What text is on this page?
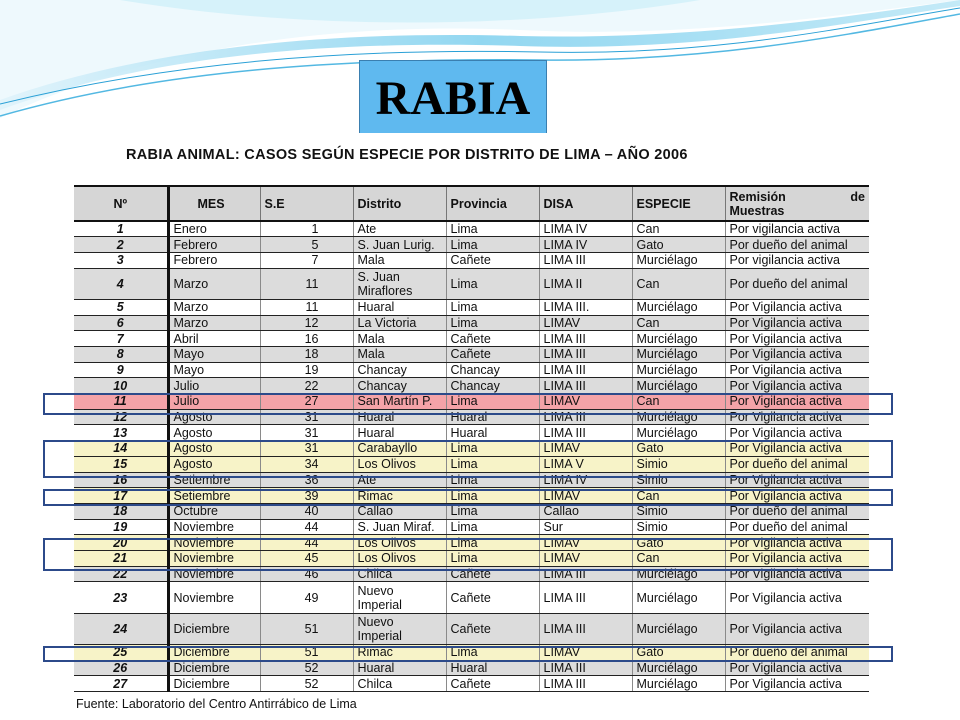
RABIA
RABIA ANIMAL: CASOS SEGÚN ESPECIE POR DISTRITO DE LIMA – AÑO 2006
Nº	MES	S.E	Distrito	Provincia	DISA	ESPECIE	Remisión de
Muestras

1	Enero	1	Ate	Lima	LIMA IV	Can	Por vigilancia activa
2	Febrero	5	S. Juan Lurig.	Lima	LIMA IV	Gato	Por dueño del animal
3	Febrero	7	Mala	Cañete	LIMA III	Murciélago	Por vigilancia activa
4	Marzo	11	S. Juan Miraflores	Lima	LIMA II	Can	Por dueño del animal
5	Marzo	11	Huaral	Lima	LIMA III.	Murciélago	Por Vigilancia activa
6	Marzo	12	La Victoria	Lima	LIMAV	Can	Por Vigilancia activa
7	Abril	16	Mala	Cañete	LIMA III	Murciélago	Por Vigilancia activa
8	Mayo	18	Mala	Cañete	LIMA III	Murciélago	Por Vigilancia activa
9	Mayo	19	Chancay	Chancay	LIMA III	Murciélago	Por Vigilancia activa
10	Julio	22	Chancay	Chancay	LIMA III	Murciélago	Por Vigilancia activa
11	Julio	27	San Martín P.	Lima	LIMAV	Can	Por Vigilancia activa
12	Agosto	31	Huaral	Huaral	LIMA III	Murciélago	Por Vigilancia activa
13	Agosto	31	Huaral	Huaral	LIMA III	Murciélago	Por Vigilancia activa
14	Agosto	31	Carabayllo	Lima	LIMAV	Gato	Por Vigilancia activa
15	Agosto	34	Los Olivos	Lima	LIMA V	Simio	Por dueño del animal
16	Setiembre	36	Ate	Lima	LIMA IV	Simio	Por Vigilancia activa
17	Setiembre	39	Rimac	Lima	LIMAV	Can	Por Vigilancia activa
18	Octubre	40	Callao	Lima	Callao	Simio	Por dueño del animal
19	Noviembre	44	S. Juan Miraf.	Lima	Sur	Simio	Por dueño del animal
20	Noviembre	44	Los Olivos	Lima	LIMAV	Gato	Por Vigilancia activa
21	Noviembre	45	Los Olivos	Lima	LIMAV	Can	Por Vigilancia activa
22	Noviembre	46	Chilca	Cañete	LIMA III	Murciélago	Por Vigilancia activa
23	Noviembre	49	Nuevo Imperial	Cañete	LIMA III	Murciélago	Por Vigilancia activa
24	Diciembre	51	Nuevo Imperial	Cañete	LIMA III	Murciélago	Por Vigilancia activa
25	Diciembre	51	Rimac	Lima	LIMAV	Gato	Por dueño del animal
26	Diciembre	52	Huaral	Huaral	LIMA III	Murciélago	Por Vigilancia activa
27	Diciembre	52	Chilca	Cañete	LIMA III	Murciélago	Por Vigilancia activa
Fuente: Laboratorio del Centro Antirrábico de Lima
